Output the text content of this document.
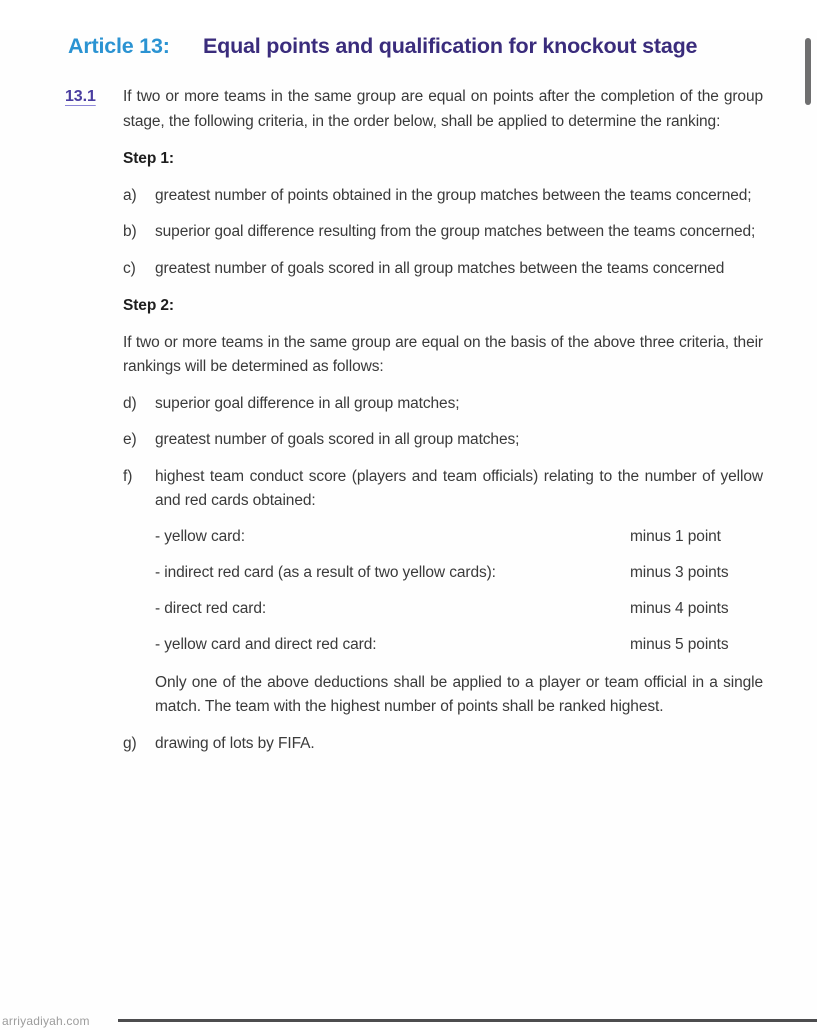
Article 13:	Equal points and qualification for knockout stage
13.1	If two or more teams in the same group are equal on points after the completion of the group stage, the following criteria, in the order below, shall be applied to determine the ranking:

Step 1:

a)	greatest number of points obtained in the group matches between the teams concerned;
b)	superior goal difference resulting from the group matches between the teams concerned;
c)	greatest number of goals scored in all group matches between the teams concerned

Step 2:

If two or more teams in the same group are equal on the basis of the above three criteria, their rankings will be determined as follows:

d)	superior goal difference in all group matches;
e)	greatest number of goals scored in all group matches;
f)	highest team conduct score (players and team officials) relating to the number of yellow and red cards obtained:
- yellow card:	minus 1 point
- indirect red card (as a result of two yellow cards):	minus 3 points
- direct red card:	minus 4 points
- yellow card and direct red card:	minus 5 points

Only one of the above deductions shall be applied to a player or team official in a single match. The team with the highest number of points shall be ranked highest.

g)	drawing of lots by FIFA.
arriyadiyah.com
